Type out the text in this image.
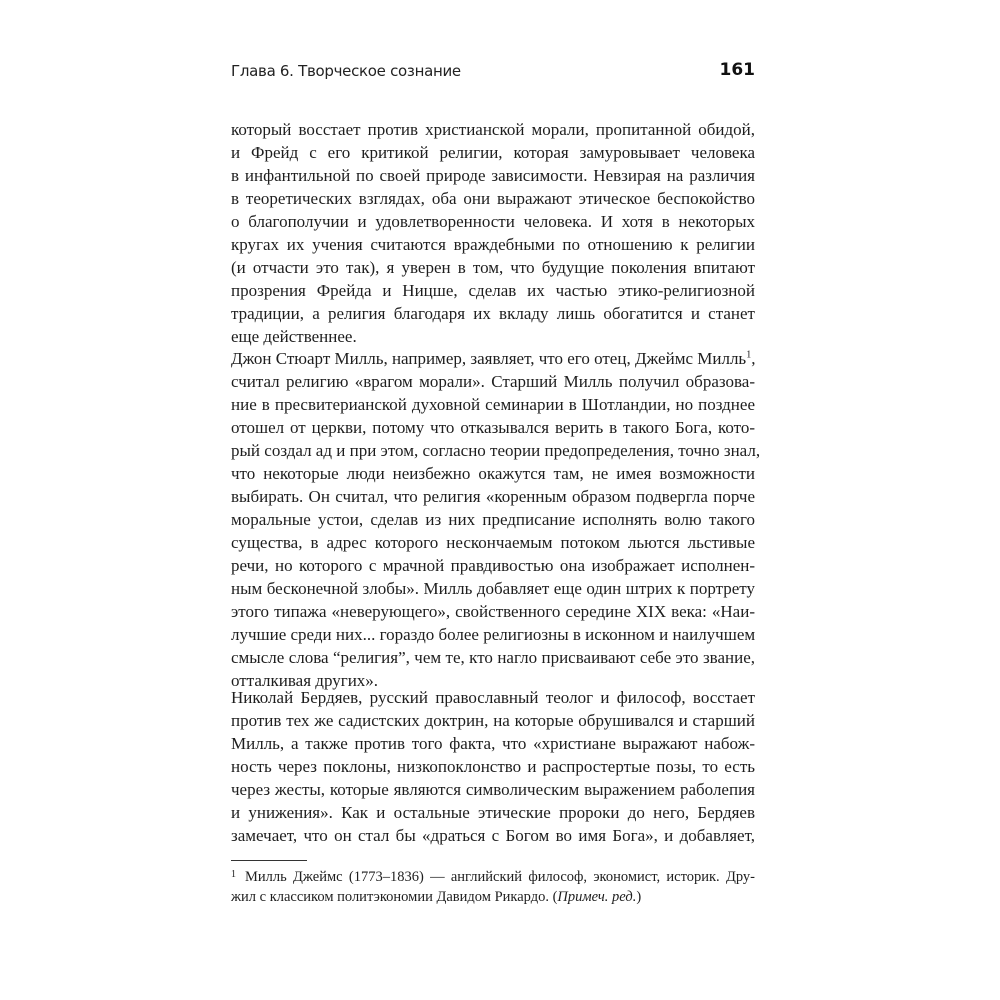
Глава 6. Творческое сознание	161
который восстает против христианской морали, пропитанной обидой,
и Фрейд с его критикой религии, которая замуровывает человека
в инфантильной по своей природе зависимости. Невзирая на различия
в теоретических взглядах, оба они выражают этическое беспокойство
о благополучии и удовлетворенности человека. И хотя в некоторых
кругах их учения считаются враждебными по отношению к религии
(и отчасти это так), я уверен в том, что будущие поколения впитают
прозрения Фрейда и Ницше, сделав их частью этико-религиозной
традиции, а религия благодаря их вкладу лишь обогатится и станет
еще действеннее.
Джон Стюарт Милль, например, заявляет, что его отец, Джеймс Милль$^1$,
считал религию «врагом морали». Старший Милль получил образова-
ние в пресвитерианской духовной семинарии в Шотландии, но позднее
отошел от церкви, потому что отказывался верить в такого Бога, кото-
рый создал ад и при этом, согласно теории предопределения, точно знал,
что некоторые люди неизбежно окажутся там, не имея возможности
выбирать. Он считал, что религия «коренным образом подвергла порче
моральные устои, сделав из них предписание исполнять волю такого
существа, в адрес которого нескончаемым потоком льются льстивые
речи, но которого с мрачной правдивостью она изображает исполнен-
ным бесконечной злобы». Милль добавляет еще один штрих к портрету
этого типажа «неверующего», свойственного середине XIX века: «Наи-
лучшие среди них... гораздо более религиозны в исконном и наилучшем
смысле слова “религия”, чем те, кто нагло присваивают себе это звание,
отталкивая других».
Николай Бердяев, русский православный теолог и философ, восстает
против тех же садистских доктрин, на которые обрушивался и старший
Милль, а также против того факта, что «христиане выражают набож-
ность через поклоны, низкопоклонство и распростертые позы, то есть
через жесты, которые являются символическим выражением раболепия
и унижения». Как и остальные этические пророки до него, Бердяев
замечает, что он стал бы «драться с Богом во имя Бога», и добавляет,
1 Милль Джеймс (1773–1836) — английский философ, экономист, историк. Дру-
жил с классиком политэкономии Давидом Рикардо. (Примеч. ред.)
